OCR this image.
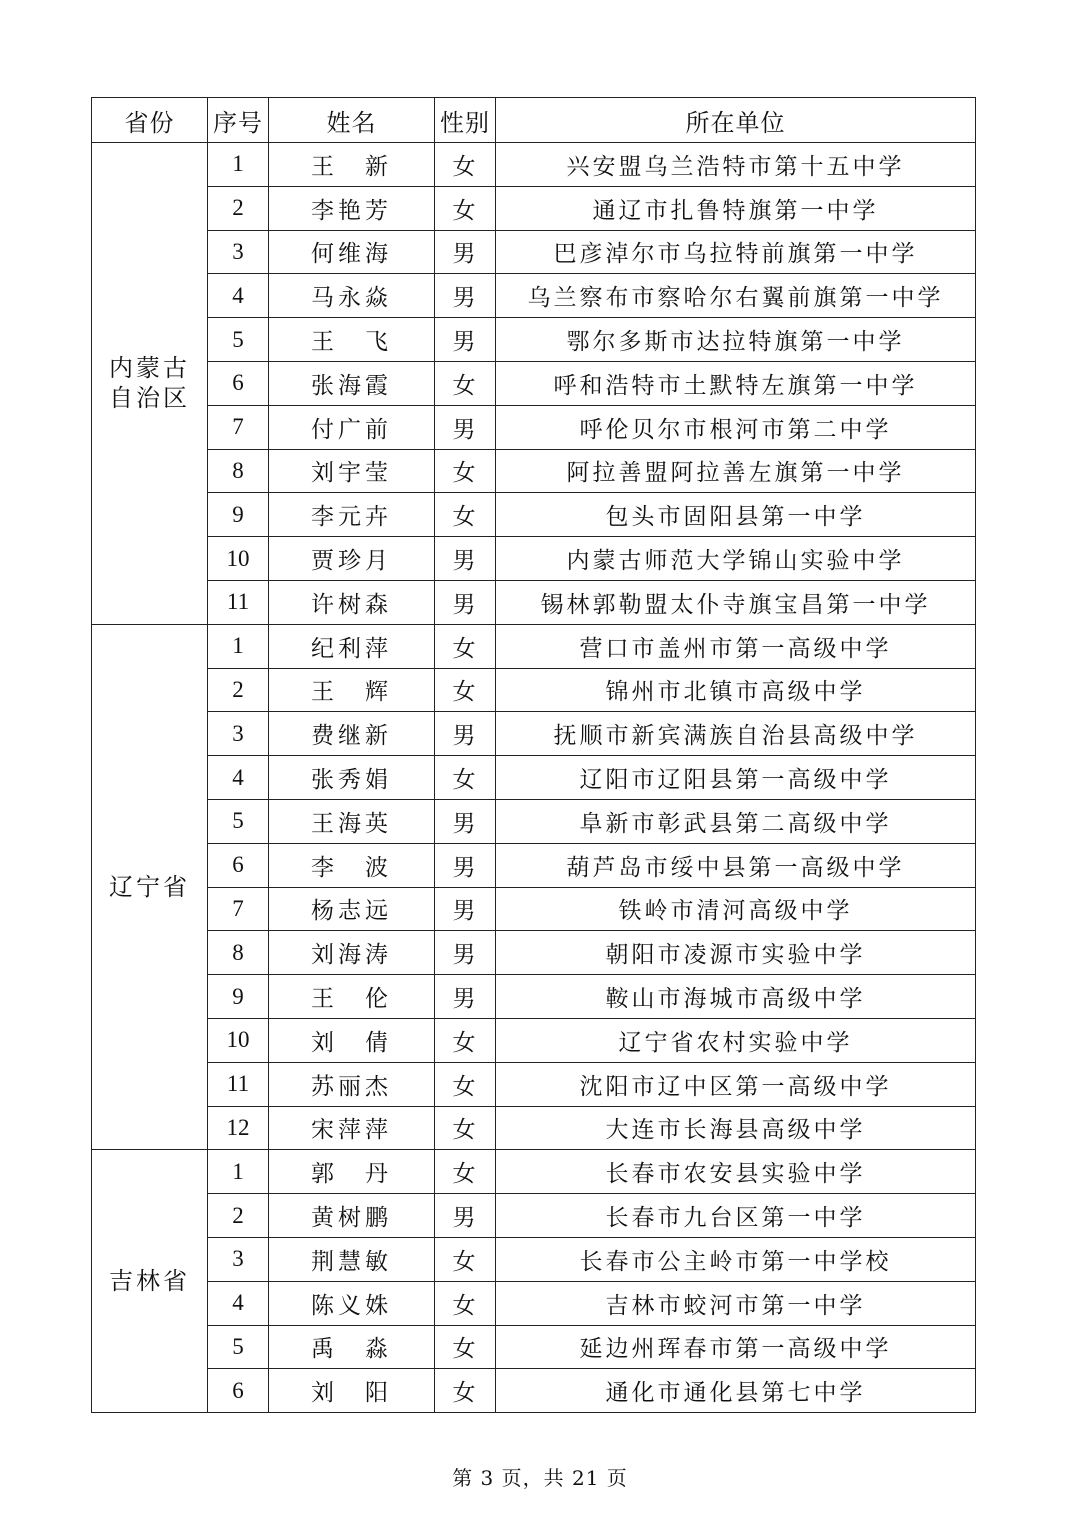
省份	序号	姓名	性别	所在单位
内蒙古自治区	1	王　新	女	兴安盟乌兰浩特市第十五中学
	2	李艳芳	女	通辽市扎鲁特旗第一中学
	3	何维海	男	巴彦淖尔市乌拉特前旗第一中学
	4	马永焱	男	乌兰察布市察哈尔右翼前旗第一中学
	5	王　飞	男	鄂尔多斯市达拉特旗第一中学
	6	张海霞	女	呼和浩特市土默特左旗第一中学
	7	付广前	男	呼伦贝尔市根河市第二中学
	8	刘宇莹	女	阿拉善盟阿拉善左旗第一中学
	9	李元卉	女	包头市固阳县第一中学
	10	贾珍月	男	内蒙古师范大学锦山实验中学
	11	许树森	男	锡林郭勒盟太仆寺旗宝昌第一中学
辽宁省	1	纪利萍	女	营口市盖州市第一高级中学
	2	王　辉	女	锦州市北镇市高级中学
	3	费继新	男	抚顺市新宾满族自治县高级中学
	4	张秀娟	女	辽阳市辽阳县第一高级中学
	5	王海英	男	阜新市彰武县第二高级中学
	6	李　波	男	葫芦岛市绥中县第一高级中学
	7	杨志远	男	铁岭市清河高级中学
	8	刘海涛	男	朝阳市凌源市实验中学
	9	王　伦	男	鞍山市海城市高级中学
	10	刘　倩	女	辽宁省农村实验中学
	11	苏丽杰	女	沈阳市辽中区第一高级中学
	12	宋萍萍	女	大连市长海县高级中学
吉林省	1	郭　丹	女	长春市农安县实验中学
	2	黄树鹏	男	长春市九台区第一中学
	3	荆慧敏	女	长春市公主岭市第一中学校
	4	陈义姝	女	吉林市蛟河市第一中学
	5	禹　淼	女	延边州珲春市第一高级中学
	6	刘　阳	女	通化市通化县第七中学
第 3 页，共 21 页
